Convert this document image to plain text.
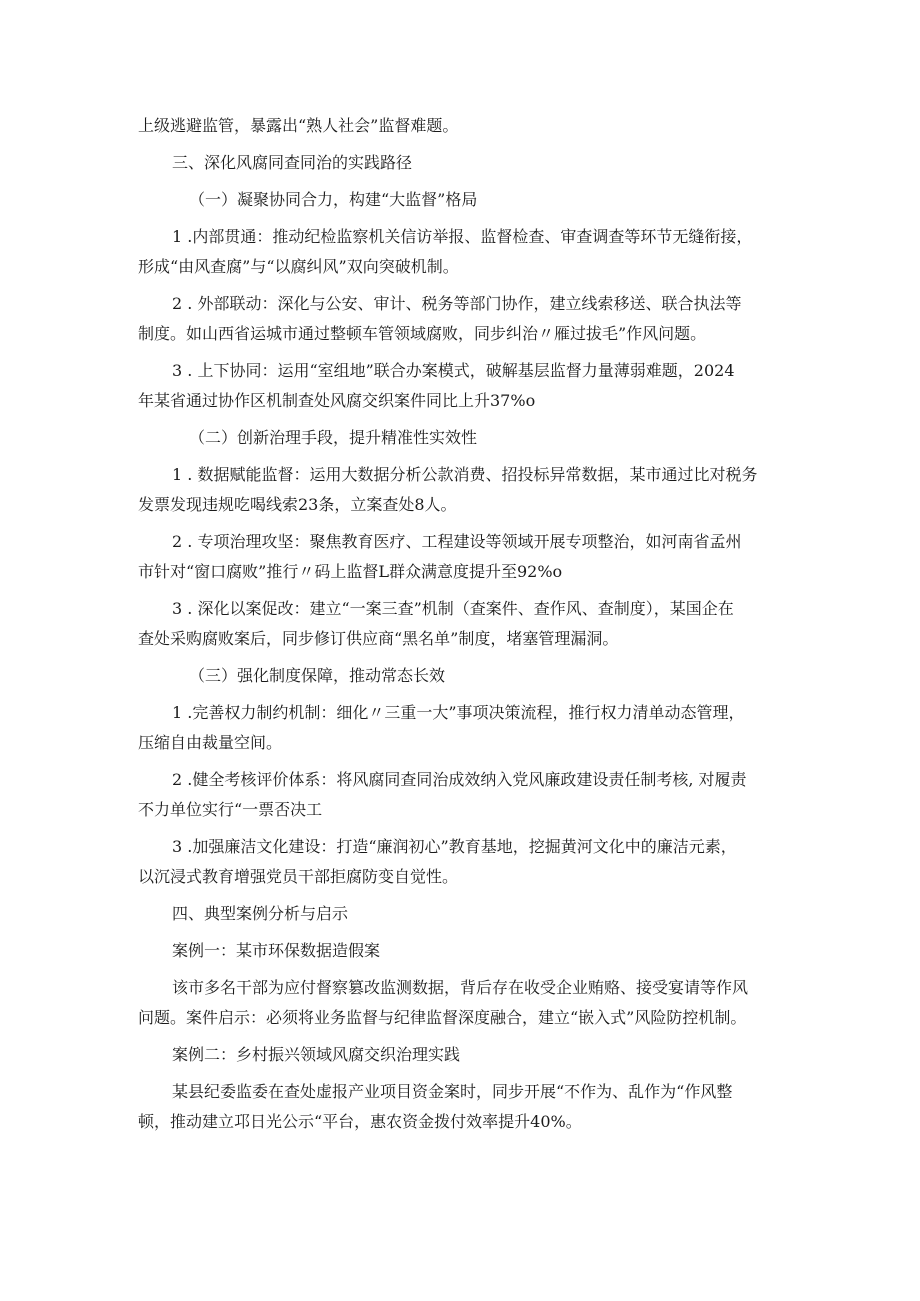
上级逃避监管，暴露出“熟人社会”监督难题。
三、深化风腐同查同治的实践路径
（一）凝聚协同合力，构建“大监督”格局
1 .内部贯通：推动纪检监察机关信访举报、监督检查、审查调查等环节无缝衔接，
形成“由风查腐”与“以腐纠风”双向突破机制。
2 . 外部联动：深化与公安、审计、税务等部门协作，建立线索移送、联合执法等
制度。如山西省运城市通过整顿车管领域腐败，同步纠治〃雁过拔毛”作风问题。
3 . 上下协同：运用“室组地”联合办案模式，破解基层监督力量薄弱难题，2024
年某省通过协作区机制查处风腐交织案件同比上升37%o
（二）创新治理手段，提升精准性实效性
1 . 数据赋能监督：运用大数据分析公款消费、招投标异常数据，某市通过比对税务
发票发现违规吃喝线索23条，立案查处8人。
2 . 专项治理攻坚：聚焦教育医疗、工程建设等领域开展专项整治，如河南省孟州
市针对“窗口腐败”推行〃码上监督L群众满意度提升至92%o
3 . 深化以案促改：建立“一案三查”机制（查案件、查作风、查制度），某国企在
查处采购腐败案后，同步修订供应商“黑名单”制度，堵塞管理漏洞。
（三）强化制度保障，推动常态长效
1 .完善权力制约机制：细化〃三重一大”事项决策流程，推行权力清单动态管理，
压缩自由裁量空间。
2 .健全考核评价体系：将风腐同查同治成效纳入党风廉政建设责任制考核, 对履责
不力单位实行“一票否决工
3 .加强廉洁文化建设：打造“廉润初心”教育基地，挖掘黄河文化中的廉洁元素，
以沉浸式教育增强党员干部拒腐防变自觉性。
四、典型案例分析与启示
案例一：某市环保数据造假案
该市多名干部为应付督察篡改监测数据，背后存在收受企业贿赂、接受宴请等作风
问题。案件启示：必须将业务监督与纪律监督深度融合，建立“嵌入式”风险防控机制。
案例二：乡村振兴领域风腐交织治理实践
某县纪委监委在查处虚报产业项目资金案时，同步开展“不作为、乱作为“作风整
顿，推动建立邛日光公示“平台，惠农资金拨付效率提升40%。
